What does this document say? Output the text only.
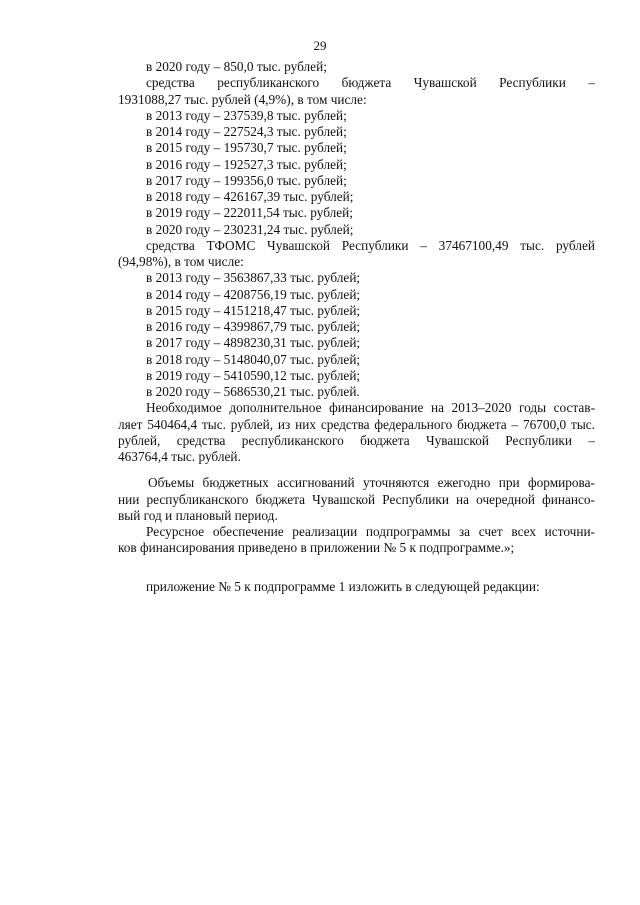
29
в 2020 году – 850,0 тыс. рублей;
средства республиканского бюджета Чувашской Республики –
1931088,27 тыс. рублей (4,9%), в том числе:
в 2013 году – 237539,8 тыс. рублей;
в 2014 году – 227524,3 тыс. рублей;
в 2015 году – 195730,7 тыс. рублей;
в 2016 году – 192527,3 тыс. рублей;
в 2017 году – 199356,0 тыс. рублей;
в 2018 году – 426167,39 тыс. рублей;
в 2019 году – 222011,54 тыс. рублей;
в 2020 году – 230231,24 тыс. рублей;
средства ТФОМС Чувашской Республики – 37467100,49 тыс. рублей
(94,98%), в том числе:
в 2013 году – 3563867,33 тыс. рублей;
в 2014 году – 4208756,19 тыс. рублей;
в 2015 году – 4151218,47 тыс. рублей;
в 2016 году – 4399867,79 тыс. рублей;
в 2017 году – 4898230,31 тыс. рублей;
в 2018 году – 5148040,07 тыс. рублей;
в 2019 году – 5410590,12 тыс. рублей;
в 2020 году – 5686530,21 тыс. рублей.
Необходимое дополнительное финансирование на 2013–2020 годы состав-
ляет 540464,4 тыс. рублей, из них средства федерального бюджета – 76700,0 тыс.
рублей, средства республиканского бюджета Чувашской Республики –
463764,4 тыс. рублей.
Объемы бюджетных ассигнований уточняются ежегодно при формирова-
нии республиканского бюджета Чувашской Республики на очередной финансо-
вый год и плановый период.
Ресурсное обеспечение реализации подпрограммы за счет всех источни-
ков финансирования приведено в приложении № 5 к подпрограмме.»;
приложение № 5 к подпрограмме 1 изложить в следующей редакции:
